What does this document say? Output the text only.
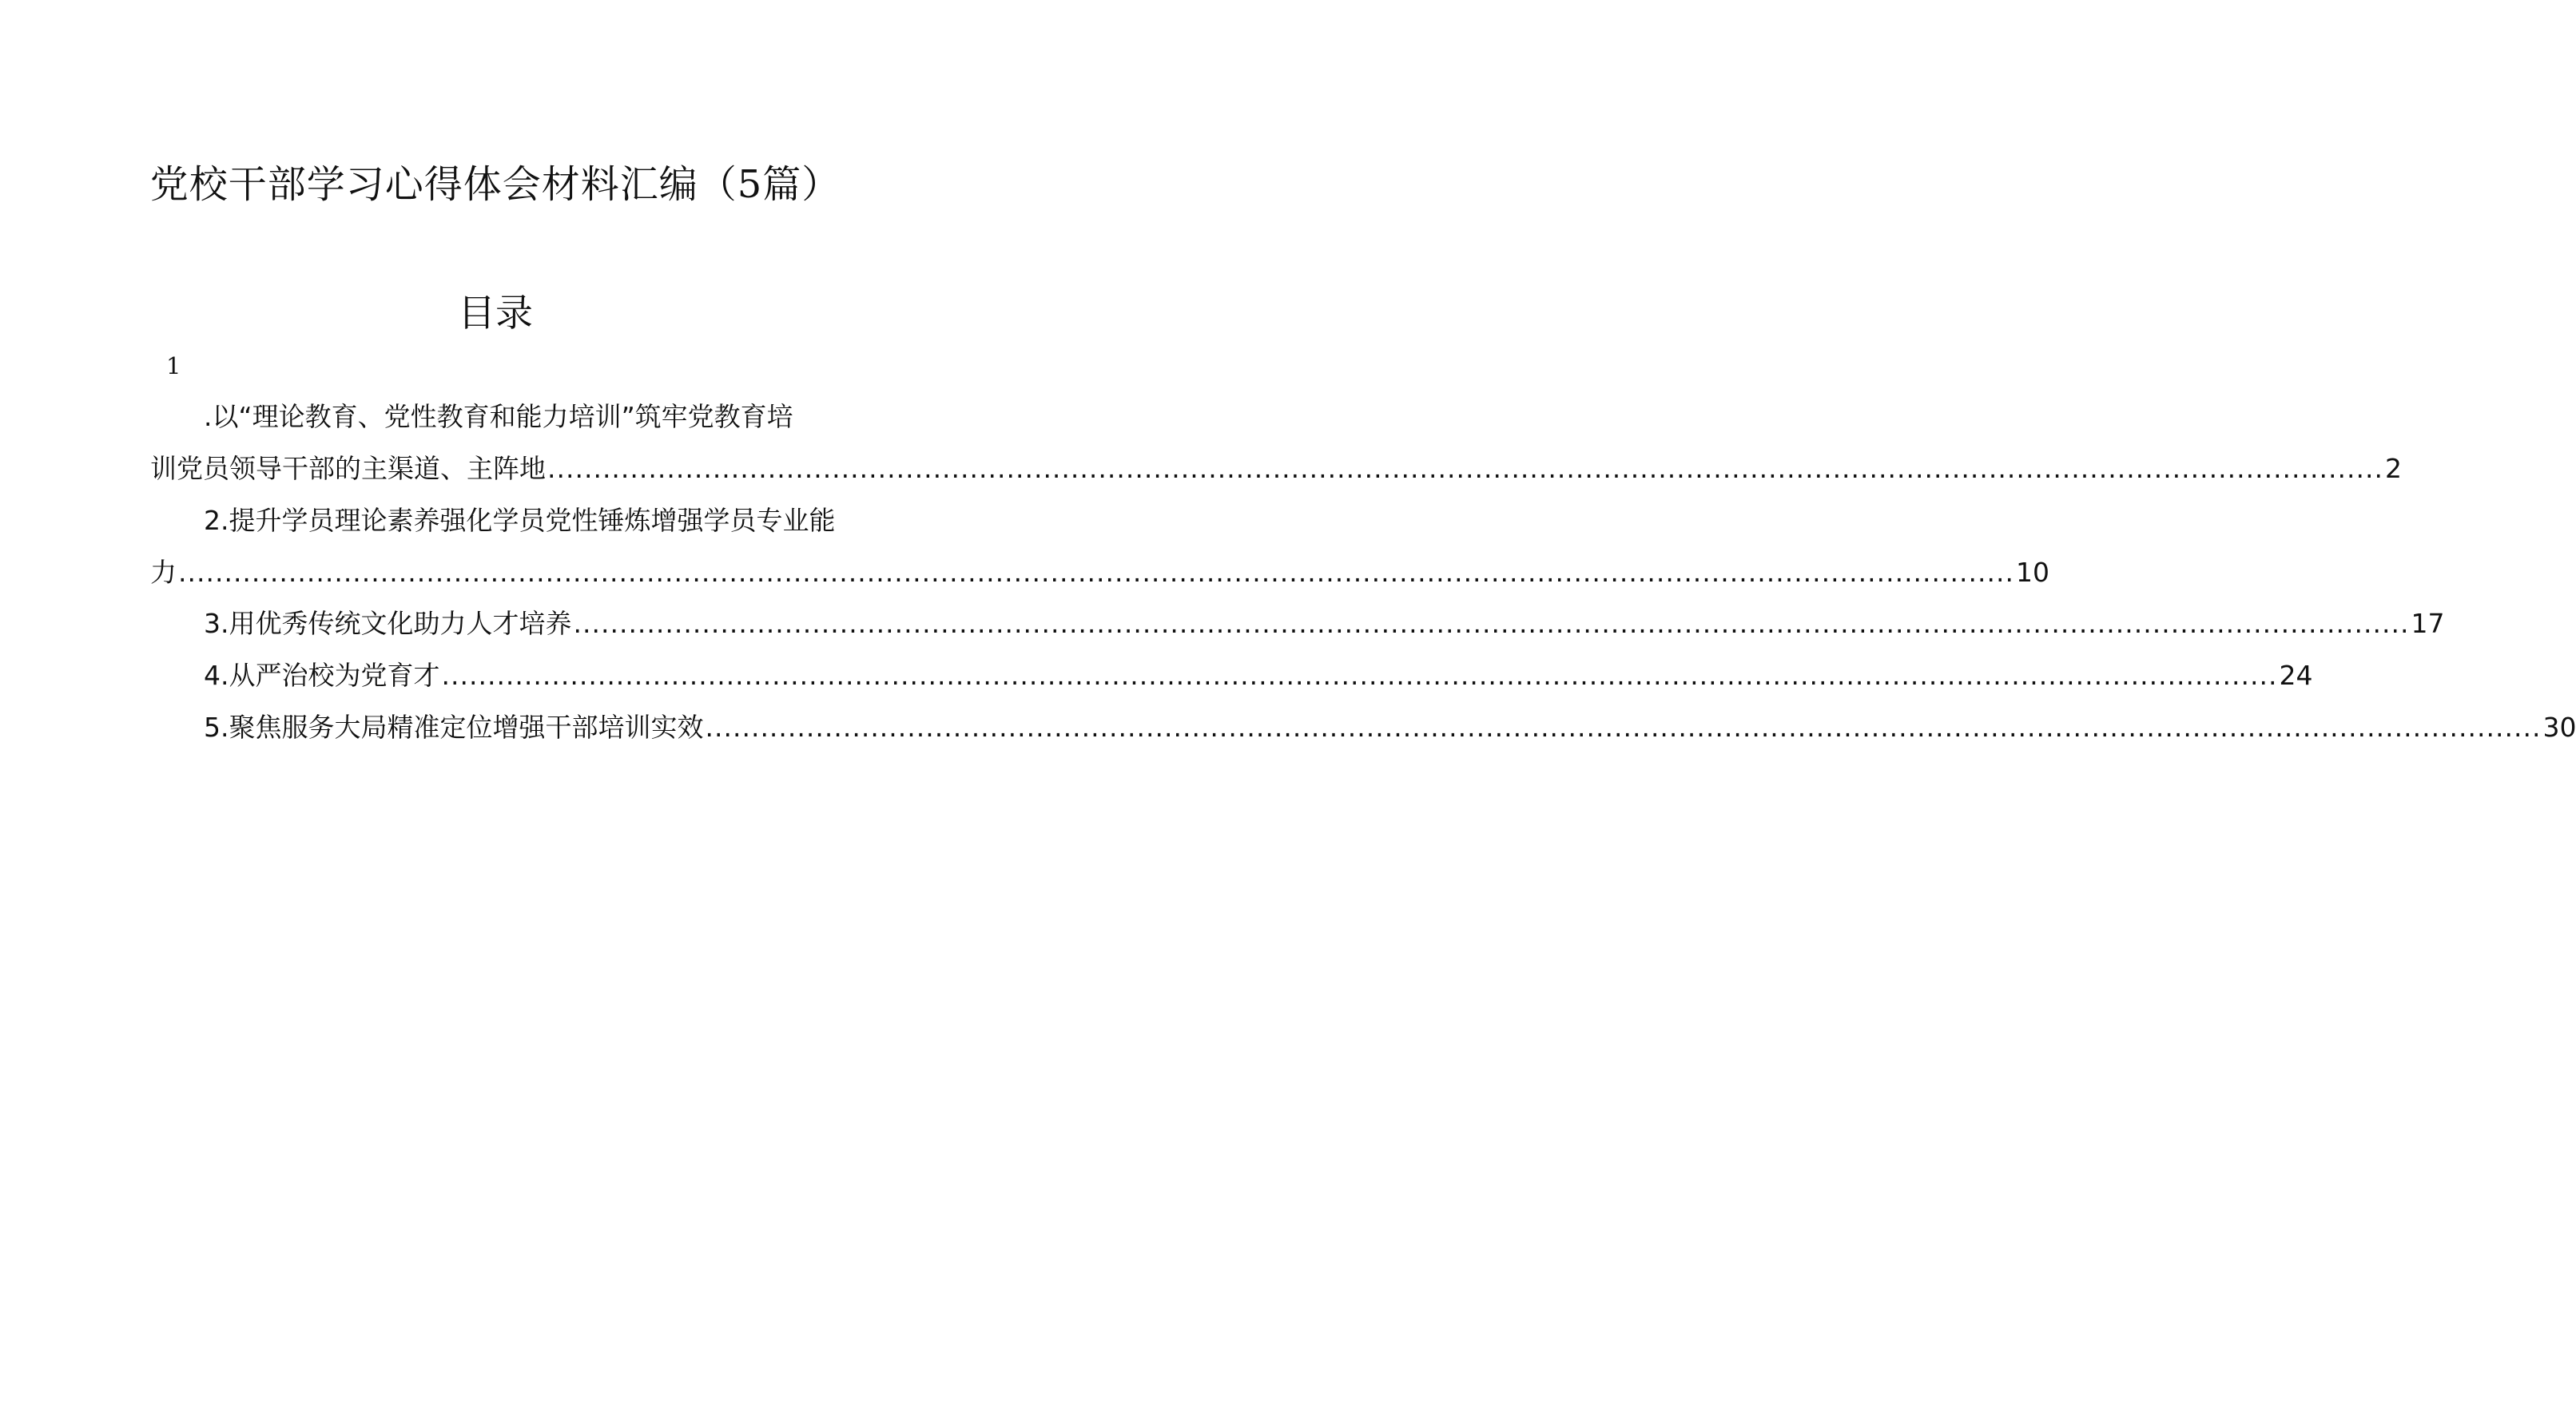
党校干部学习心得体会材料汇编（5篇）
目录
1
.以“理论教育、党性教育和能力培训”筑牢党教育培
训党员领导干部的主渠道、主阵地 ........................................................................................................................................................................................................ 2
2.提升学员理论素养强化学员党性锤炼增强学员专业能
力 ........................................................................................................................................................................................................ 10
3.用优秀传统文化助力人才培养 ........................................................................................................................................................................................................ 17
4.从严治校为党育才 ........................................................................................................................................................................................................ 24
5.聚焦服务大局精准定位增强干部培训实效 ........................................................................................................................................................................................................ 30
